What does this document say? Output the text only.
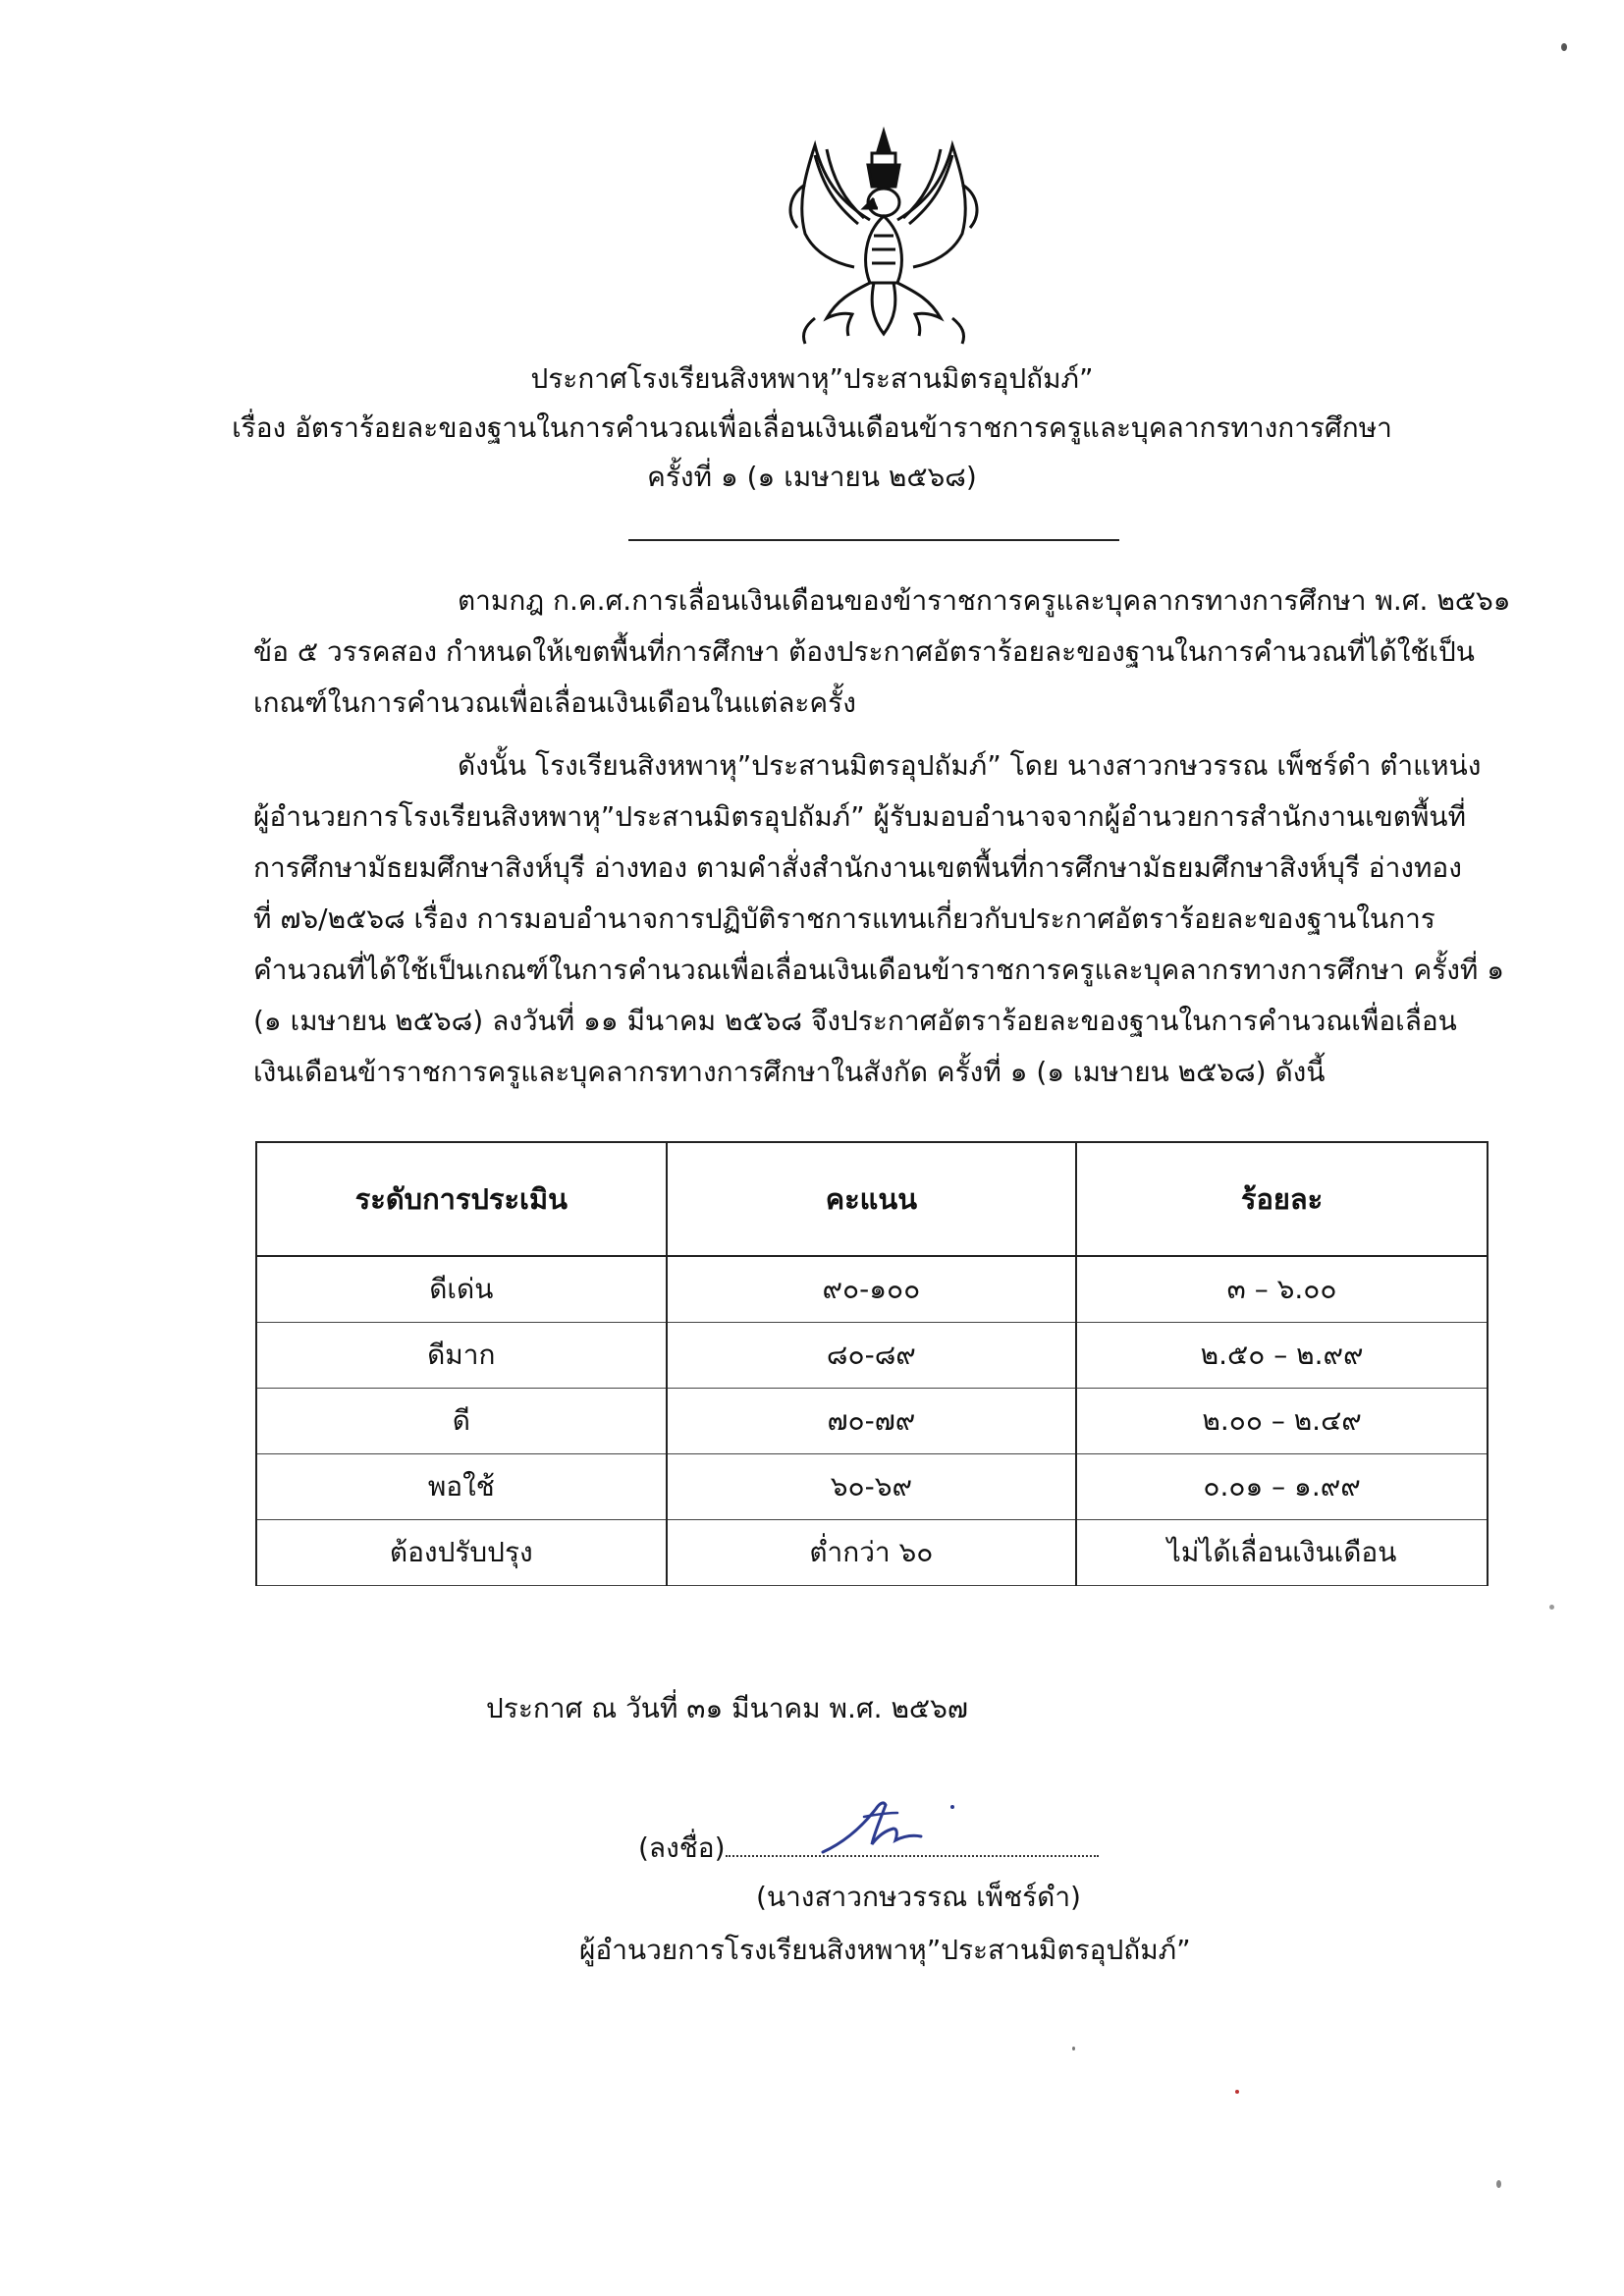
ประกาศโรงเรียนสิงหพาหุ”ประสานมิตรอุปถัมภ์”
เรื่อง อัตราร้อยละของฐานในการคำนวณเพื่อเลื่อนเงินเดือนข้าราชการครูและบุคลากรทางการศึกษา
ครั้งที่ ๑ (๑ เมษายน ๒๕๖๘)
ตามกฎ ก.ค.ศ.การเลื่อนเงินเดือนของข้าราชการครูและบุคลากรทางการศึกษา พ.ศ. ๒๕๖๑
ข้อ ๕ วรรคสอง กำหนดให้เขตพื้นที่การศึกษา ต้องประกาศอัตราร้อยละของฐานในการคำนวณที่ได้ใช้เป็น
เกณฑ์ในการคำนวณเพื่อเลื่อนเงินเดือนในแต่ละครั้ง
ดังนั้น โรงเรียนสิงหพาหุ”ประสานมิตรอุปถัมภ์” โดย นางสาวกษวรรณ เพ็ชร์ดำ ตำแหน่ง
ผู้อำนวยการโรงเรียนสิงหพาหุ”ประสานมิตรอุปถัมภ์” ผู้รับมอบอำนาจจากผู้อำนวยการสำนักงานเขตพื้นที่
การศึกษามัธยมศึกษาสิงห์บุรี อ่างทอง ตามคำสั่งสำนักงานเขตพื้นที่การศึกษามัธยมศึกษาสิงห์บุรี อ่างทอง
ที่ ๗๖/๒๕๖๘ เรื่อง การมอบอำนาจการปฏิบัติราชการแทนเกี่ยวกับประกาศอัตราร้อยละของฐานในการ
คำนวณที่ได้ใช้เป็นเกณฑ์ในการคำนวณเพื่อเลื่อนเงินเดือนข้าราชการครูและบุคลากรทางการศึกษา ครั้งที่ ๑
(๑ เมษายน ๒๕๖๘) ลงวันที่ ๑๑ มีนาคม ๒๕๖๘ จึงประกาศอัตราร้อยละของฐานในการคำนวณเพื่อเลื่อน
เงินเดือนข้าราชการครูและบุคลากรทางการศึกษาในสังกัด ครั้งที่ ๑ (๑ เมษายน ๒๕๖๘) ดังนี้
ระดับการประเมิน	คะแนน	ร้อยละ
ดีเด่น	๙๐-๑๐๐	๓ – ๖.๐๐
ดีมาก	๘๐-๘๙	๒.๕๐ – ๒.๙๙
ดี	๗๐-๗๙	๒.๐๐ – ๒.๔๙
พอใช้	๖๐-๖๙	๐.๐๑ – ๑.๙๙
ต้องปรับปรุง	ต่ำกว่า ๖๐	ไม่ได้เลื่อนเงินเดือน
ประกาศ ณ วันที่ ๓๑ มีนาคม พ.ศ. ๒๕๖๗
(ลงชื่อ)
(นางสาวกษวรรณ เพ็ชร์ดำ)
ผู้อำนวยการโรงเรียนสิงหพาหุ”ประสานมิตรอุปถัมภ์”
